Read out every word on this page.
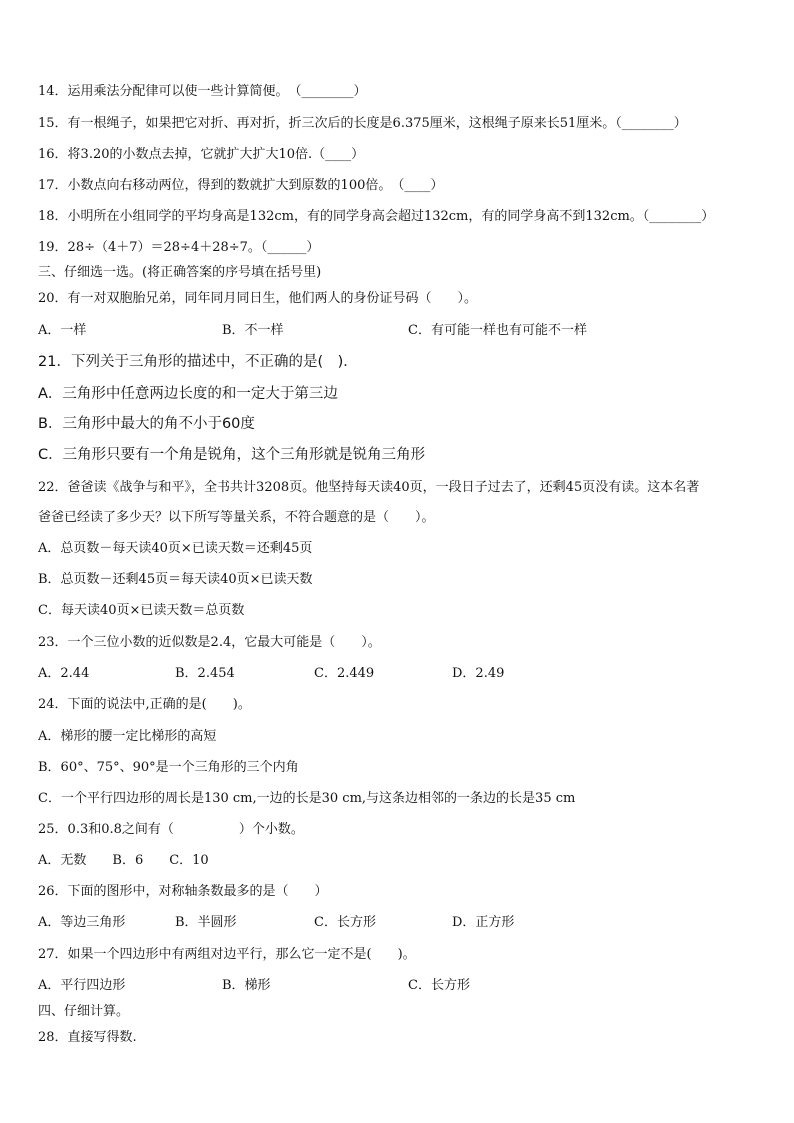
14．运用乘法分配律可以使一些计算简便。　（________）
15．有一根绳子，如果把它对折、再对折，折三次后的长度是6.375厘米，这根绳子原来长51厘米。（________）
16．将3.20的小数点去掉，它就扩大扩大10倍.（____）
17．小数点向右移动两位，得到的数就扩大到原数的100倍。　（____）
18．小明所在小组同学的平均身高是132cm，有的同学身高会超过132cm，有的同学身高不到132cm。（________）
19．28÷（4＋7）＝28÷4＋28÷7。（______）
三、仔细选一选。(将正确答案的序号填在括号里)
20．有一对双胞胎兄弟，同年同月同日生，他们两人的身份证号码（　　）。
A．一样	B．不一样	C．有可能一样也有可能不一样
21．下列关于三角形的描述中，不正确的是(　)．
A．三角形中任意两边长度的和一定大于第三边
B．三角形中最大的角不小于60度
C．三角形只要有一个角是锐角，这个三角形就是锐角三角形
22．爸爸读《战争与和平》，全书共计3208页。他坚持每天读40页，一段日子过去了，还剩45页没有读。这本名著
爸爸已经读了多少天？以下所写等量关系，不符合题意的是（　　）。
A．总页数－每天读40页×已读天数＝还剩45页
B．总页数－还剩45页＝每天读40页×已读天数
C．每天读40页×已读天数＝总页数
23．一个三位小数的近似数是2.4，它最大可能是（　　）。
A．2.44	B．2.454	C．2.449	D．2.49
24．下面的说法中,正确的是(　　)。
A．梯形的腰一定比梯形的高短
B．60°、75°、90°是一个三角形的三个内角
C．一个平行四边形的周长是130 cm,一边的长是30 cm,与这条边相邻的一条边的长是35 cm
25．0.3和0.8之间有（　　　　　）个小数。
A．无数　　B．6　　C．10
26．下面的图形中，对称轴条数最多的是（　　）
A．等边三角形	B．半圆形	C．长方形	D．正方形
27．如果一个四边形中有两组对边平行，那么它一定不是(　　)。
A．平行四边形	B．梯形	C．长方形
四、仔细计算。
28．直接写得数.
